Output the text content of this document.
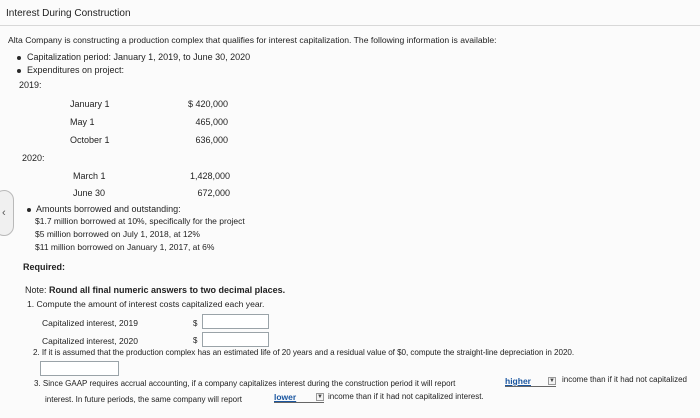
Interest During Construction
Alta Company is constructing a production complex that qualifies for interest capitalization. The following information is available:
Capitalization period: January 1, 2019, to June 30, 2020
Expenditures on project:
2019:
January 1	$ 420,000
May 1	465,000
October 1	636,000
2020:
March 1	1,428,000
June 30	672,000
‹	Amounts borrowed and outstanding:
$1.7 million borrowed at 10%, specifically for the project
$5 million borrowed on July 1, 2018, at 12%
$11 million borrowed on January 1, 2017, at 6%
Required:
Note: Round all final numeric answers to two decimal places.
1. Compute the amount of interest costs capitalized each year.
Capitalized interest, 2019	$
Capitalized interest, 2020	$
2. If it is assumed that the production complex has an estimated life of 20 years and a residual value of $0, compute the straight-line depreciation in 2020.
3. Since GAAP requires accrual accounting, if a company capitalizes interest during the construction period it will report	higher	▼ income than if it had not capitalized
interest. In future periods, the same company will report	lower	▼ income than if it had not capitalized interest.
